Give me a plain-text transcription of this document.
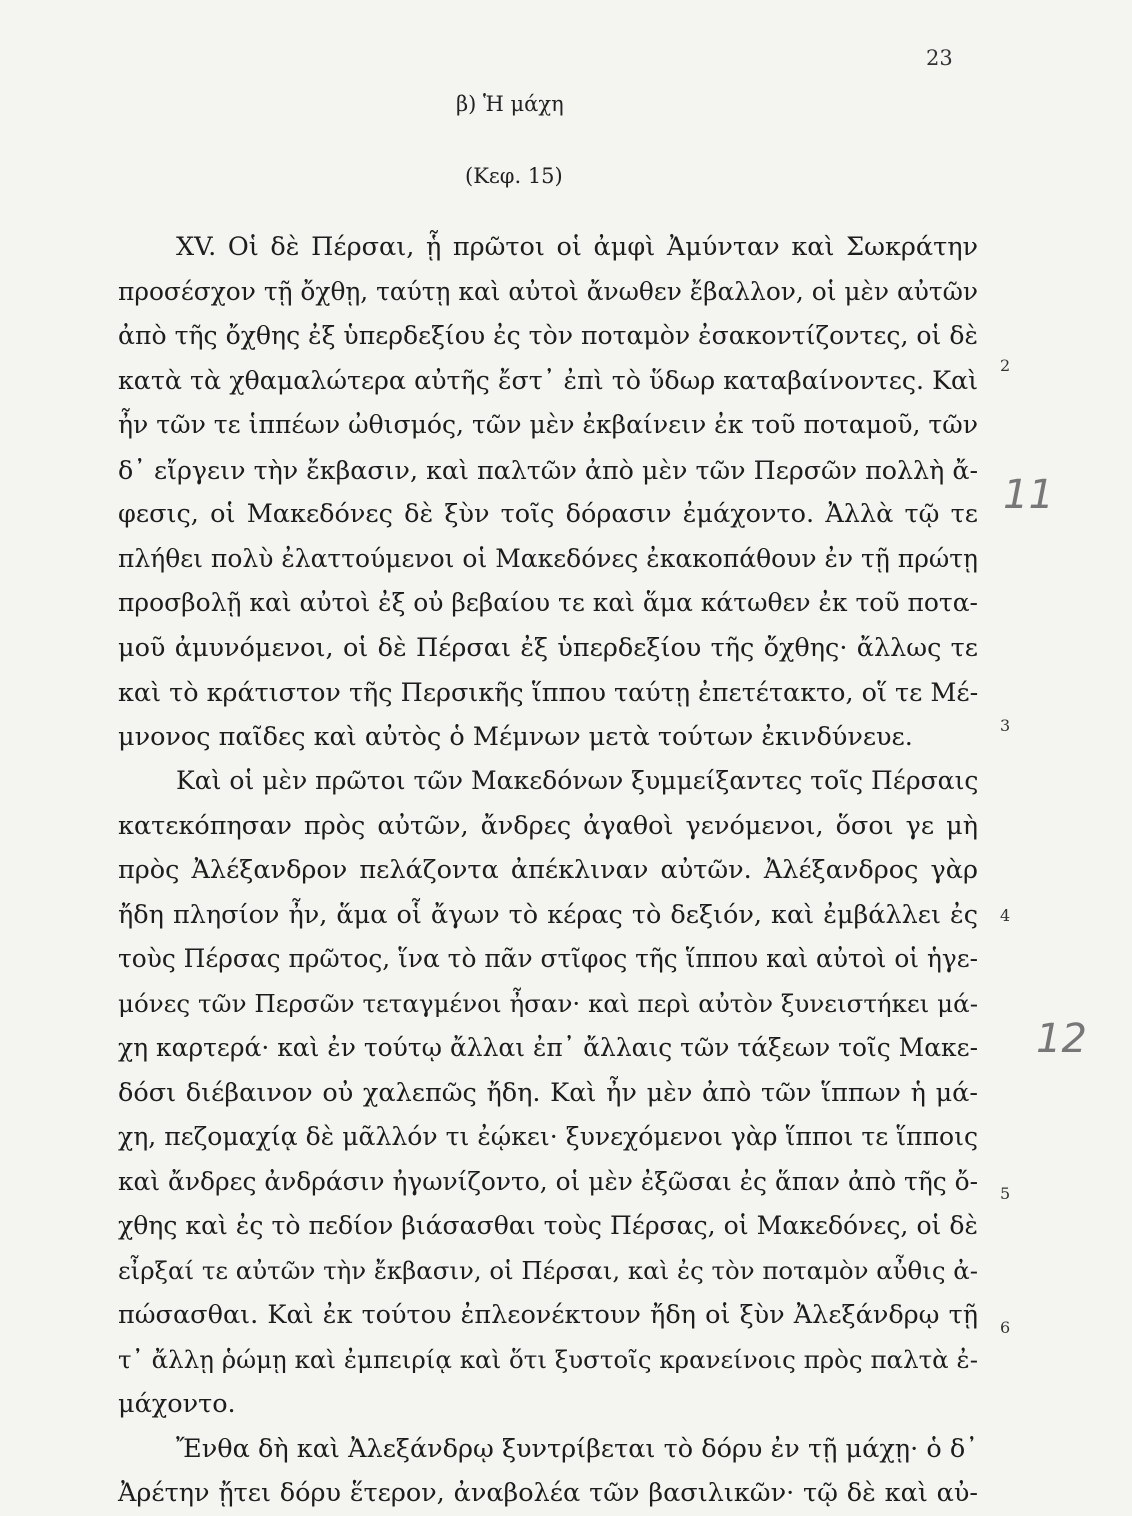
23
β) Ἡ μάχη
(Κεφ. 15)
XV. Οἱ δὲ Πέρσαι, ᾗ πρῶτοι οἱ ἀμφὶ Ἀμύνταν καὶ Σωκράτην
προσέσχον τῇ ὄχθῃ, ταύτῃ καὶ αὐτοὶ ἄνωθεν ἔβαλλον, οἱ μὲν αὐτῶν
ἀπὸ τῆς ὄχθης ἐξ ὑπερδεξίου ἐς τὸν ποταμὸν ἐσακοντίζοντες, οἱ δὲ
κατὰ τὰ χθαμαλώτερα αὐτῆς ἔστ᾽ ἐπὶ τὸ ὕδωρ καταβαίνοντες. Καὶ
ἦν τῶν τε ἱππέων ὠθισμός, τῶν μὲν ἐκβαίνειν ἐκ τοῦ ποταμοῦ, τῶν
δ᾽ εἴργειν τὴν ἔκβασιν, καὶ παλτῶν ἀπὸ μὲν τῶν Περσῶν πολλὴ ἄ-
φεσις, οἱ Μακεδόνες δὲ ξὺν τοῖς δόρασιν ἐμάχοντο. Ἀλλὰ τῷ τε
πλήθει πολὺ ἐλαττούμενοι οἱ Μακεδόνες ἐκακοπάθουν ἐν τῇ πρώτῃ
προσβολῇ καὶ αὐτοὶ ἐξ οὐ βεβαίου τε καὶ ἅμα κάτωθεν ἐκ τοῦ ποτα-
μοῦ ἀμυνόμενοι, οἱ δὲ Πέρσαι ἐξ ὑπερδεξίου τῆς ὄχθης· ἄλλως τε
καὶ τὸ κράτιστον τῆς Περσικῆς ἵππου ταύτῃ ἐπετέτακτο, οἵ τε Μέ-
μνονος παῖδες καὶ αὐτὸς ὁ Μέμνων μετὰ τούτων ἐκινδύνευε.
Καὶ οἱ μὲν πρῶτοι τῶν Μακεδόνων ξυμμείξαντες τοῖς Πέρσαις
κατεκόπησαν πρὸς αὐτῶν, ἄνδρες ἀγαθοὶ γενόμενοι, ὅσοι γε μὴ
πρὸς Ἀλέξανδρον πελάζοντα ἀπέκλιναν αὐτῶν. Ἀλέξανδρος γὰρ
ἤδη πλησίον ἦν, ἅμα οἷ ἄγων τὸ κέρας τὸ δεξιόν, καὶ ἐμβάλλει ἐς
τοὺς Πέρσας πρῶτος, ἵνα τὸ πᾶν στῖφος τῆς ἵππου καὶ αὐτοὶ οἱ ἡγε-
μόνες τῶν Περσῶν τεταγμένοι ἦσαν· καὶ περὶ αὐτὸν ξυνειστήκει μά-
χη καρτερά· καὶ ἐν τούτῳ ἄλλαι ἐπ᾽ ἄλλαις τῶν τάξεων τοῖς Μακε-
δόσι διέβαινον οὐ χαλεπῶς ἤδη. Καὶ ἦν μὲν ἀπὸ τῶν ἵππων ἡ μά-
χη, πεζομαχίᾳ δὲ μᾶλλόν τι ἐῴκει· ξυνεχόμενοι γὰρ ἵπποι τε ἵπποις
καὶ ἄνδρες ἀνδράσιν ἠγωνίζοντο, οἱ μὲν ἐξῶσαι ἐς ἅπαν ἀπὸ τῆς ὄ-
χθης καὶ ἐς τὸ πεδίον βιάσασθαι τοὺς Πέρσας, οἱ Μακεδόνες, οἱ δὲ
εἶρξαί τε αὐτῶν τὴν ἔκβασιν, οἱ Πέρσαι, καὶ ἐς τὸν ποταμὸν αὖθις ἀ-
πώσασθαι. Καὶ ἐκ τούτου ἐπλεονέκτουν ἤδη οἱ ξὺν Ἀλεξάνδρῳ τῇ
τ᾽ ἄλλῃ ῥώμῃ καὶ ἐμπειρίᾳ καὶ ὅτι ξυστοῖς κρανείνοις πρὸς παλτὰ ἐ-
μάχοντο.
Ἔνθα δὴ καὶ Ἀλεξάνδρῳ ξυντρίβεται τὸ δόρυ ἐν τῇ μάχῃ· ὁ δ᾽
Ἀρέτην ᾔτει δόρυ ἕτερον, ἀναβολέα τῶν βασιλικῶν· τῷ δὲ καὶ αὐ-
2
3
4
5
6
11
12
